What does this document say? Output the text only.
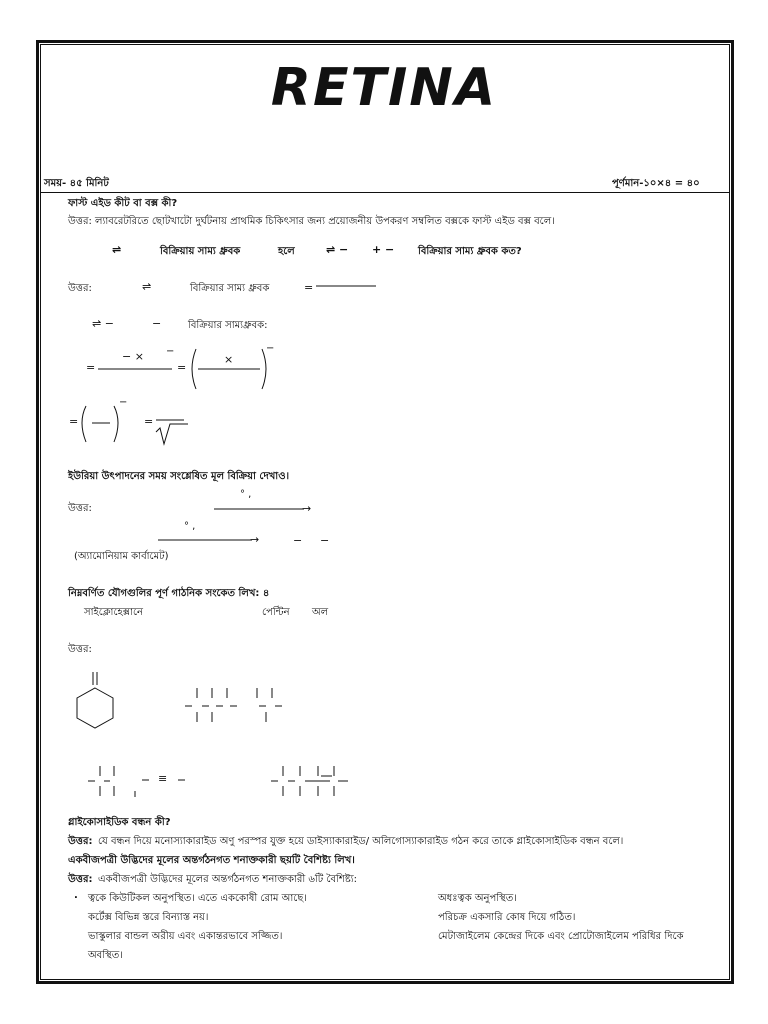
RETINA
সময়- ৪৫ মিনিট	পূর্ণমান-১০×৪ = ৪০
ফাস্ট এইড কীট বা বক্স কী?
উত্তর: ল্যাবরেটরিতে ছোটখাটো দুর্ঘটনায় প্রাথমিক চিকিৎসার জন্য প্রয়োজনীয় উপকরণ সম্বলিত বক্সকে ফাস্ট এইড বক্স বলে।
⇌	বিক্রিয়ায় সাম্য ধ্রুবক	হলে	⇌ − + − বিক্রিয়ার সাম্য ধ্রুবক কত?
উত্তর:	⇌	বিক্রিয়ার সাম্য ধ্রুবক	=
⇌ −	−	বিক্রিয়ার সাম্যধ্রুবক:
=
− × −
=
×
−
=
−
=
ইউরিয়া উৎপাদনের সময় সংশ্লেষিত মূল বিক্রিয়া দেখাও।
উত্তর:
° ,
→
° ,
→	− −
(অ্যামোনিয়াম কার্বামেট)
নিম্নবর্ণিত যৌগগুলির পূর্ণ গাঠনিক সংকেত লিখ: ৪
সাইক্লোহেক্সানে	পেন্টিন অল
উত্তর:
≡
গ্লাইকোসাইডিক বন্ধন কী?
উত্তর: যে বন্ধন দিয়ে মনোস্যাকারাইড অণু পরস্পর যুক্ত হয়ে ডাইস্যাকারাইড/ অলিগোস্যাকারাইড গঠন করে তাকে গ্লাইকোসাইডিক বন্ধন বলে।
একবীজপত্রী উদ্ভিদের মূলের অন্তর্গঠনগত শনাক্তকারী ছয়টি বৈশিষ্ট্য লিখ।
উত্তর: একবীজপত্রী উদ্ভিদের মূলের অন্তর্গঠনগত শনাক্তকারী ৬টি বৈশিষ্ট্য:
. ত্বকে কিউটিকল অনুপস্থিত। এতে এককোষী রোম আছে।
কর্টেক্স বিভিন্ন স্তরে বিন্যাস্ত নয়।
ভাস্কুলার বান্ডল অরীয় এবং একান্তরভাবে সজ্জিত।
অবস্থিত।
অধঃত্বক অনুপস্থিত।
পরিচক্র একসারি কোষ দিয়ে গঠিত।
মেটাজাইলেম কেন্দ্রের দিকে এবং প্রোটোজাইলেম পরিধির দিকে
